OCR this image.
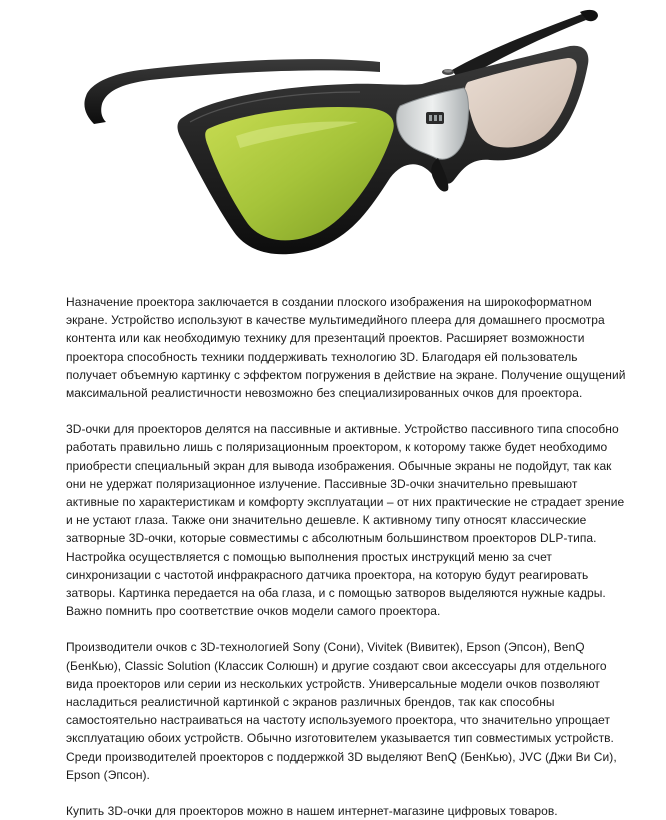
Назначение проектора заключается в создании плоского изображения на широкоформатном экране. Устройство используют в качестве мультимедийного плеера для домашнего просмотра контента или как необходимую технику для презентаций проектов. Расширяет возможности проектора способность техники поддерживать технологию 3D. Благодаря ей пользователь получает объемную картинку с эффектом погружения в действие на экране. Получение ощущений максимальной реалистичности невозможно без специализированных очков для проектора.

3D-очки для проекторов делятся на пассивные и активные. Устройство пассивного типа способно работать правильно лишь с поляризационным проектором, к которому также будет необходимо приобрести специальный экран для вывода изображения. Обычные экраны не подойдут, так как они не удержат поляризационное излучение. Пассивные 3D-очки значительно превышают активные по характеристикам и комфорту эксплуатации – от них практические не страдает зрение и не устают глаза. Также они значительно дешевле. К активному типу относят классические затворные 3D-очки, которые совместимы с абсолютным большинством проекторов DLP-типа. Настройка осуществляется с помощью выполнения простых инструкций меню за счет синхронизации с частотой инфракрасного датчика проектора, на которую будут реагировать затворы. Картинка передается на оба глаза, и с помощью затворов выделяются нужные кадры. Важно помнить про соответствие очков модели самого проектора.

Производители очков с 3D-технологией Sony (Сони), Vivitek (Вивитек), Epson (Эпсон), BenQ (БенКью), Classic Solution (Классик Солюшн) и другие создают свои аксессуары для отдельного вида проекторов или серии из нескольких устройств. Универсальные модели очков позволяют насладиться реалистичной картинкой с экранов различных брендов, так как способны самостоятельно настраиваться на частоту используемого проектора, что значительно упрощает эксплуатацию обоих устройств. Обычно изготовителем указывается тип совместимых устройств. Среди производителей проекторов с поддержкой 3D выделяют BenQ (БенКью), JVC (Джи Ви Си), Epson (Эпсон).

Купить 3D-очки для проекторов можно в нашем интернет-магазине цифровых товаров.
